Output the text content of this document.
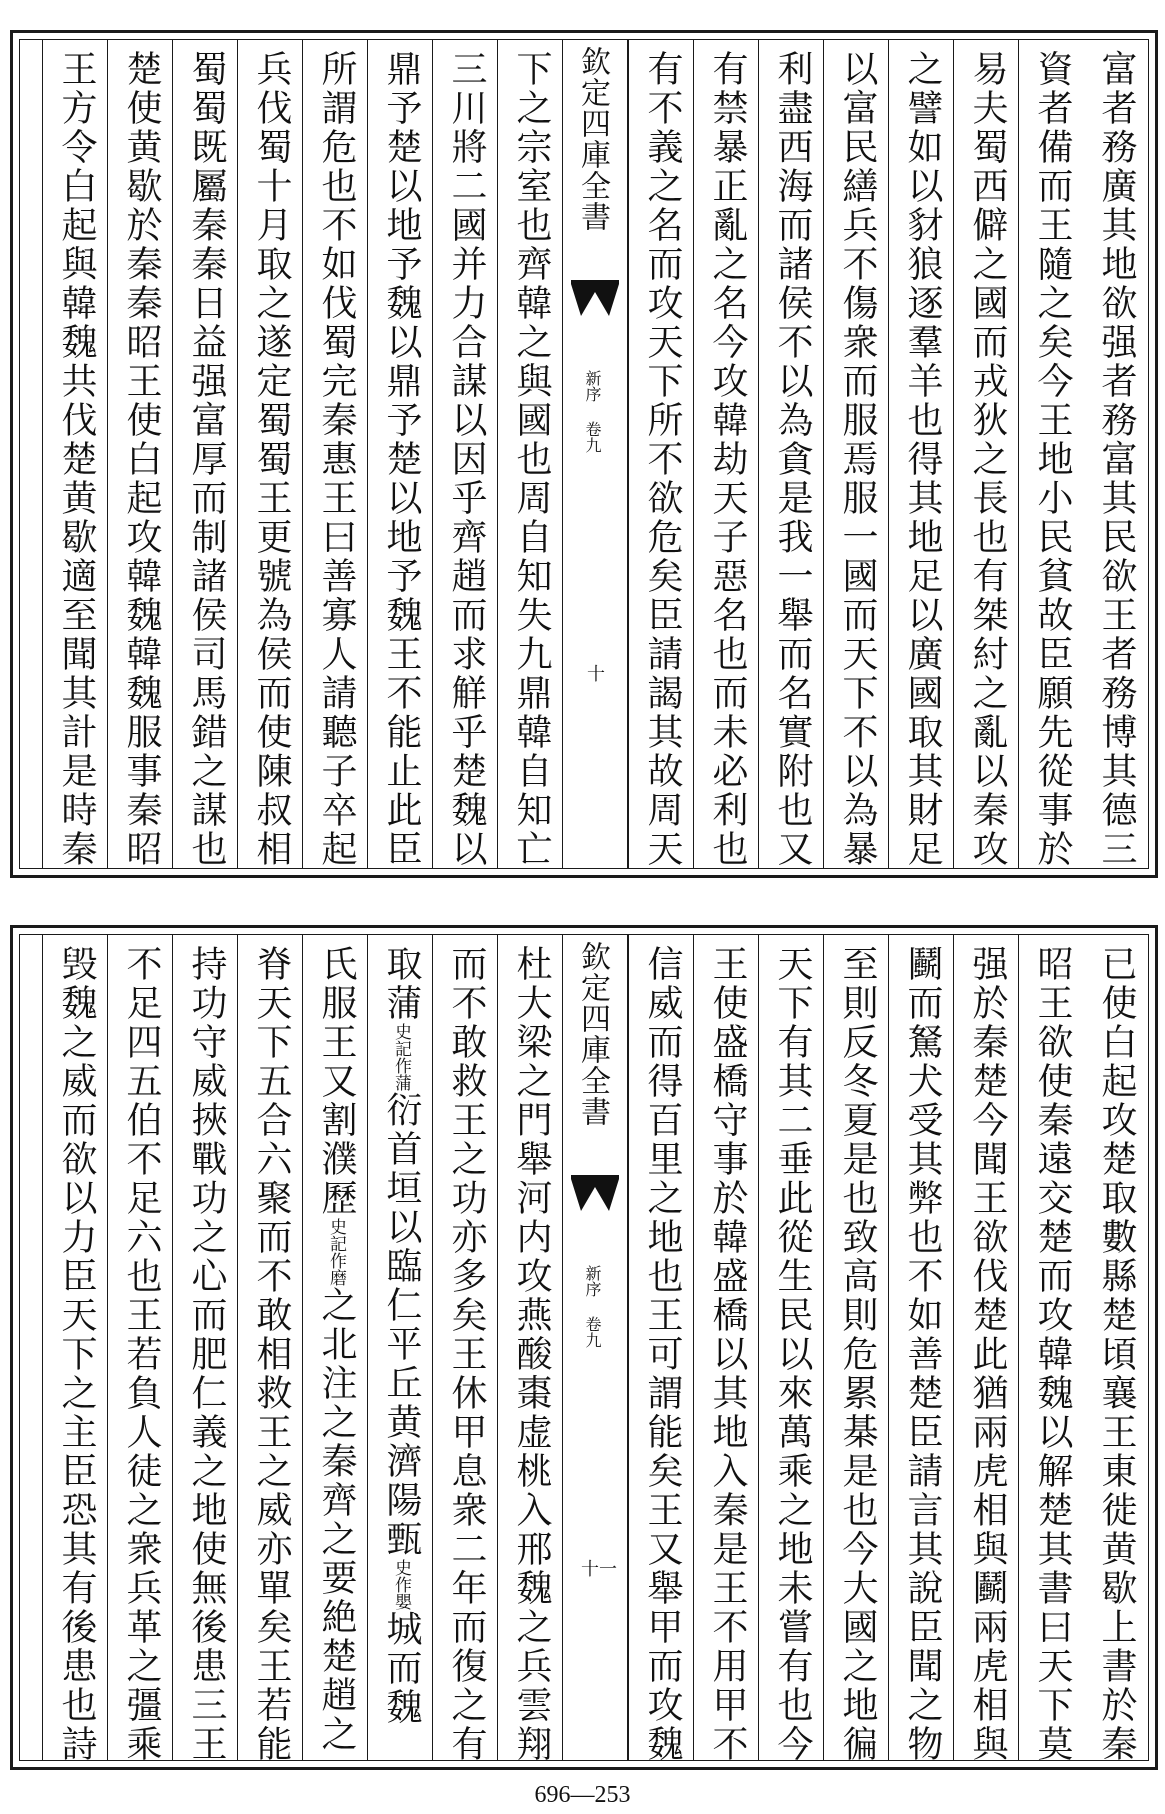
富者務廣其地欲强者務富其民欲王者務博其德三
資者備而王隨之矣今王地小民貧故臣願先從事於
易夫蜀西僻之國而戎狄之長也有桀紂之亂以秦攻
之譬如以豺狼逐羣羊也得其地足以廣國取其財足
以富民繕兵不傷衆而服焉服一國而天下不以為暴
利盡西海而諸侯不以為貪是我一舉而名實附也又
有禁暴正亂之名今攻韓劫天子惡名也而未必利也
有不義之名而攻天下所不欲危矣臣請謁其故周天
欽定四庫全書
新序 卷九
十
下之宗室也齊韓之與國也周自知失九鼎韓自知亡
三川將二國并力合謀以因乎齊趙而求觧乎楚魏以
鼎予楚以地予魏以鼎予楚以地予魏王不能止此臣
所謂危也不如伐蜀完秦惠王曰善寡人請聽子卒起
兵伐蜀十月取之遂定蜀蜀王更號為侯而使陳叔相
蜀蜀既屬秦秦日益强富厚而制諸侯司馬錯之謀也
楚使黄歇於秦秦昭王使白起攻韓魏韓魏服事秦昭
王方令白起與韓魏共伐楚黄歇適至聞其計是時秦
已使白起攻楚取數縣楚頃襄王東徙黄歇上書於秦
昭王欲使秦遠交楚而攻韓魏以解楚其書曰天下莫
强於秦楚今聞王欲伐楚此猶兩虎相與鬬兩虎相與
鬬而駑犬受其弊也不如善楚臣請言其說臣聞之物
至則反冬夏是也致高則危累棊是也今大國之地徧
天下有其二垂此從生民以來萬乘之地未嘗有也今
王使盛橋守事於韓盛橋以其地入秦是王不用甲不
信威而得百里之地也王可謂能矣王又舉甲而攻魏
欽定四庫全書
新序 卷九
十一
杜大梁之門舉河内攻燕酸棗虚桃入邢魏之兵雲翔
而不敢救王之功亦多矣王休甲息衆二年而復之有
取蒲史記作蒲衍首垣以臨仁平丘黄濟陽甄史作嬰城而魏
氏服王又割濮歷史記作磨之北注之秦齊之要絶楚趙之
脊天下五合六聚而不敢相救王之威亦單矣王若能
持功守威挾戰功之心而肥仁義之地使無後患三王
不足四五伯不足六也王若負人徒之衆兵革之彊乘
毁魏之威而欲以力臣天下之主臣恐其有後患也詩
696—253
